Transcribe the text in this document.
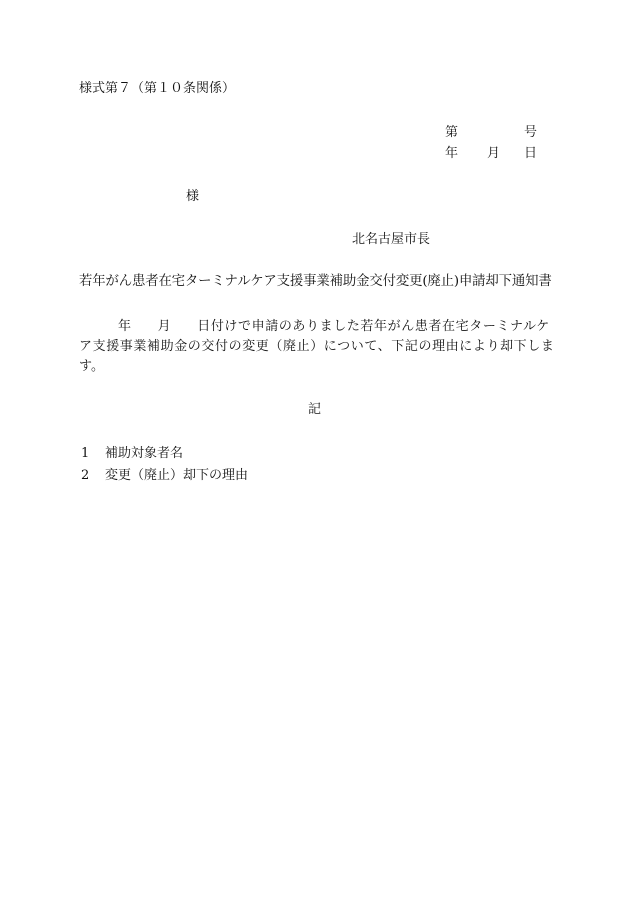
様式第７（第１０条関係）
第	号
年 月 日
様
北名古屋市長
若年がん患者在宅ターミナルケア支援事業補助金交付変更(廃止)申請却下通知書
年 月 日付けで申請のありました若年がん患者在宅ターミナルケ
ア支援事業補助金の交付の変更（廃止）について、下記の理由により却下しま
す。
記
1 補助対象者名
2 変更（廃止）却下の理由
